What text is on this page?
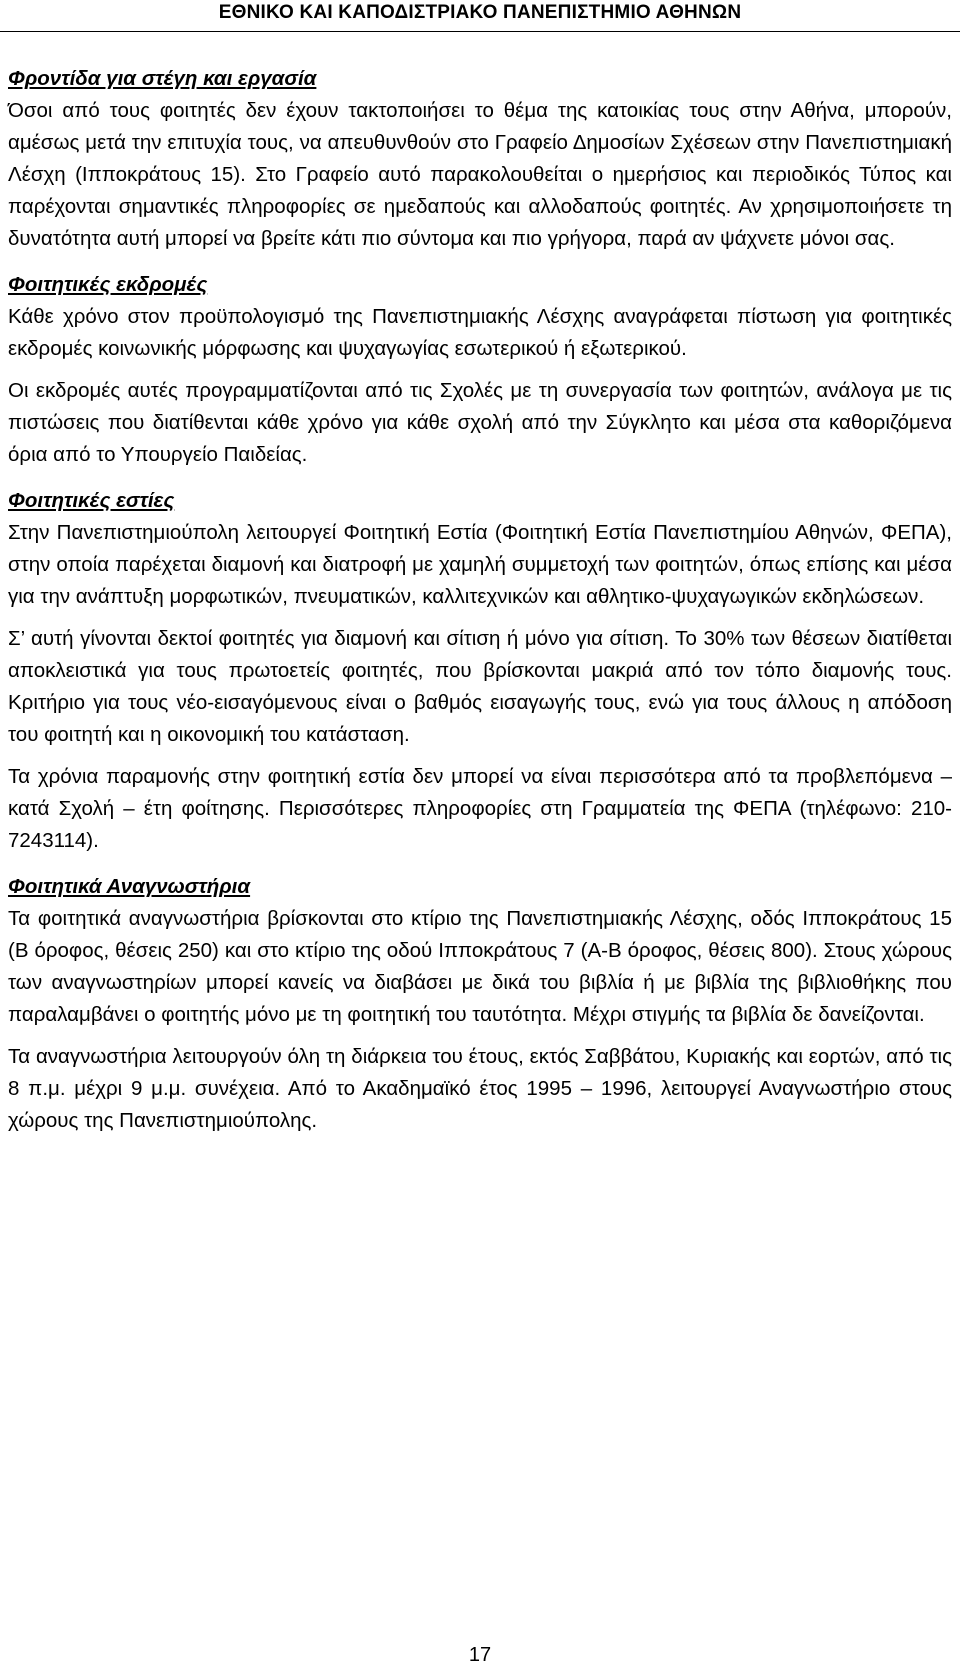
ΕΘΝΙΚΟ ΚΑΙ ΚΑΠΟΔΙΣΤΡΙΑΚΟ ΠΑΝΕΠΙΣΤΗΜΙΟ ΑΘΗΝΩΝ
Φροντίδα για στέγη και εργασία

Όσοι από τους φοιτητές δεν έχουν τακτοποιήσει το θέμα της κατοικίας τους στην Αθήνα, μπορούν, αμέσως μετά την επιτυχία τους, να απευθυνθούν στο Γραφείο Δημοσίων Σχέσεων στην Πανεπιστημιακή Λέσχη (Ιπποκράτους 15). Στο Γραφείο αυτό παρακολουθείται ο ημερήσιος και περιοδικός Τύπος και παρέχονται σημαντικές πληροφορίες σε ημεδαπούς και αλλοδαπούς φοιτητές. Αν χρησιμοποιήσετε τη δυνατότητα αυτή μπορεί να βρείτε κάτι πιο σύντομα και πιο γρήγορα, παρά αν ψάχνετε μόνοι σας.

Φοιτητικές εκδρομές

Κάθε χρόνο στον προϋπολογισμό της Πανεπιστημιακής Λέσχης αναγράφεται πίστωση για φοιτητικές εκδρομές κοινωνικής μόρφωσης και ψυχαγωγίας εσωτερικού ή εξωτερικού.

Οι εκδρομές αυτές προγραμματίζονται από τις Σχολές με τη συνεργασία των φοιτητών, ανάλογα με τις πιστώσεις που διατίθενται κάθε χρόνο για κάθε σχολή από την Σύγκλητο και μέσα στα καθοριζόμενα όρια από το Υπουργείο Παιδείας.

Φοιτητικές εστίες

Στην Πανεπιστημιούπολη λειτουργεί Φοιτητική Εστία (Φοιτητική Εστία Πανεπιστημίου Αθηνών, ΦΕΠΑ), στην οποία παρέχεται διαμονή και διατροφή με χαμηλή συμμετοχή των φοιτητών, όπως επίσης και μέσα για την ανάπτυξη μορφωτικών, πνευματικών, καλλιτεχνικών και αθλητικο-ψυχαγωγικών εκδηλώσεων.

Σ’ αυτή γίνονται δεκτοί φοιτητές για διαμονή και σίτιση ή μόνο για σίτιση. Το 30% των θέσεων διατίθεται αποκλειστικά για τους πρωτοετείς φοιτητές, που βρίσκονται μακριά από τον τόπο διαμονής τους. Κριτήριο για τους νέο-εισαγόμενους είναι ο βαθμός εισαγωγής τους, ενώ για τους άλλους η απόδοση του φοιτητή και η οικονομική του κατάσταση.

Τα χρόνια παραμονής στην φοιτητική εστία δεν μπορεί να είναι περισσότερα από τα προβλεπόμενα – κατά Σχολή – έτη φοίτησης. Περισσότερες πληροφορίες στη Γραμματεία της ΦΕΠΑ (τηλέφωνο: 210-7243114).

Φοιτητικά Αναγνωστήρια

Τα φοιτητικά αναγνωστήρια βρίσκονται στο κτίριο της Πανεπιστημιακής Λέσχης, οδός Ιπποκράτους 15 (Β όροφος, θέσεις 250) και στο κτίριο της οδού Ιπποκράτους 7 (Α-Β όροφος, θέσεις 800). Στους χώρους των αναγνωστηρίων μπορεί κανείς να διαβάσει με δικά του βιβλία ή με βιβλία της βιβλιοθήκης που παραλαμβάνει ο φοιτητής μόνο με τη φοιτητική του ταυτότητα. Μέχρι στιγμής τα βιβλία δε δανείζονται.

Τα αναγνωστήρια λειτουργούν όλη τη διάρκεια του έτους, εκτός Σαββάτου, Κυριακής και εορτών, από τις 8 π.μ. μέχρι 9 μ.μ. συνέχεια. Από το Ακαδημαϊκό έτος 1995 – 1996, λειτουργεί Αναγνωστήριο στους χώρους της Πανεπιστημιούπολης.

17
